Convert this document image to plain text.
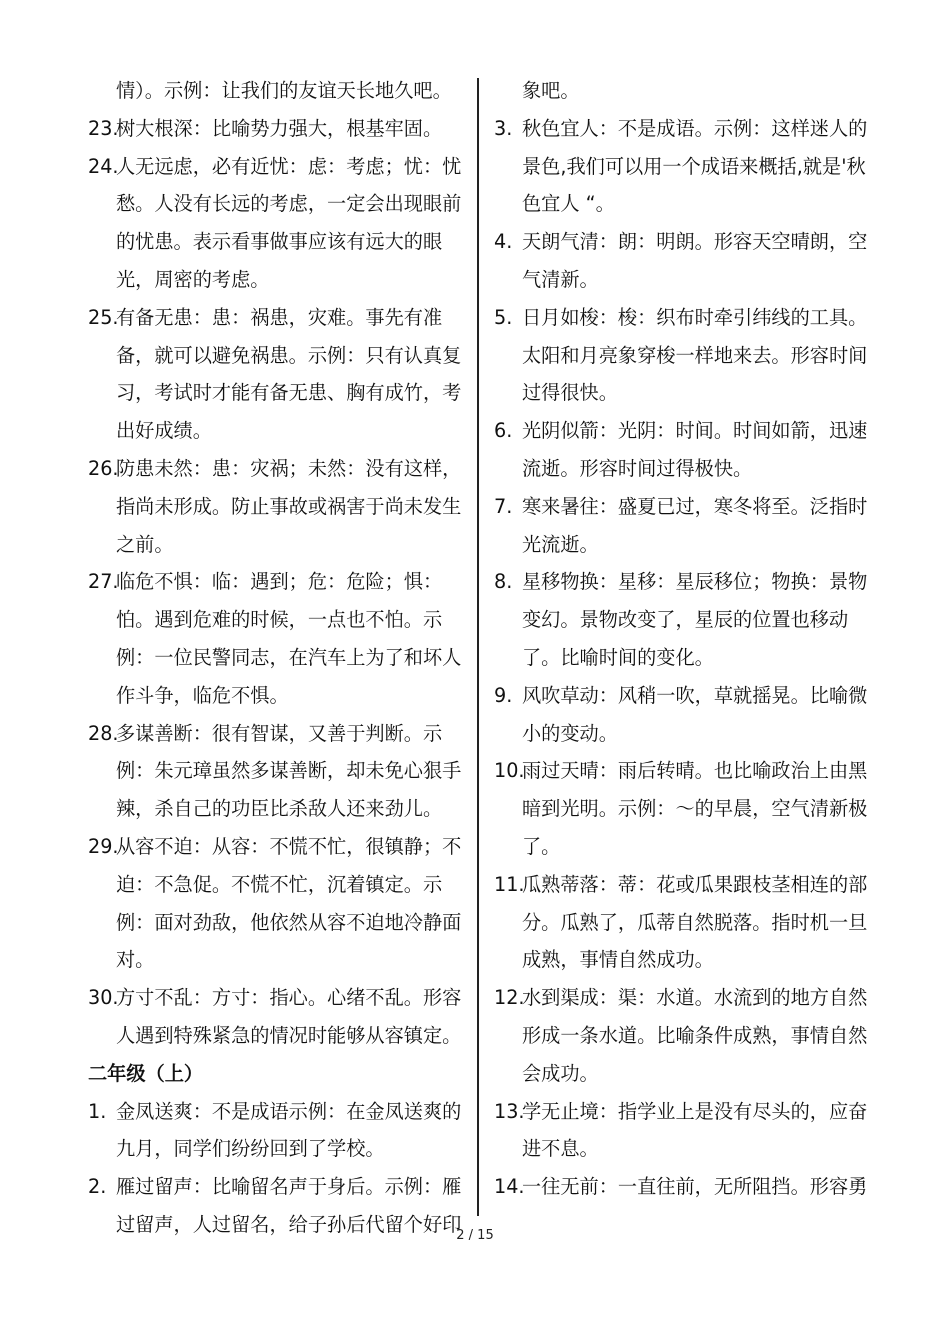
情）。示例：让我们的友谊天长地久吧。
23.
树大根深：比喻势力强大，根基牢固。
24.
人无远虑，必有近忧：虑：考虑；忧：忧愁。人没有长远的考虑，一定会出现眼前的忧患。表示看事做事应该有远大的眼光，周密的考虑。
25.
有备无患：患：祸患，灾难。事先有准备，就可以避免祸患。示例：只有认真复习，考试时才能有备无患、胸有成竹，考出好成绩。
26.
防患未然：患：灾祸；未然：没有这样，指尚未形成。防止事故或祸害于尚未发生之前。
27.
临危不惧：临：遇到；危：危险；惧：怕。遇到危难的时候，一点也不怕。示例：一位民警同志，在汽车上为了和坏人作斗争，临危不惧。
28.
多谋善断：很有智谋，又善于判断。示例：朱元璋虽然多谋善断，却未免心狠手辣，杀自己的功臣比杀敌人还来劲儿。
29.
从容不迫：从容：不慌不忙，很镇静；不迫：不急促。不慌不忙，沉着镇定。示例：面对劲敌，他依然从容不迫地冷静面对。
30.
方寸不乱：方寸：指心。心绪不乱。形容人遇到特殊紧急的情况时能够从容镇定。
二年级（上）
1. 金凤送爽：不是成语示例：在金凤送爽的九月，同学们纷纷回到了学校。
2. 雁过留声：比喻留名声于身后。示例：雁过留声，人过留名，给子孙后代留个好印
象吧。
3. 秋色宜人：不是成语。示例：这样迷人的景色,我们可以用一个成语来概括,就是'秋色宜人 “。
4. 天朗气清：朗：明朗。形容天空晴朗，空气清新。
5. 日月如梭：梭：织布时牵引纬线的工具。太阳和月亮象穿梭一样地来去。形容时间过得很快。
6. 光阴似箭：光阴：时间。时间如箭，迅速流逝。形容时间过得极快。
7. 寒来暑往：盛夏已过，寒冬将至。泛指时光流逝。
8. 星移物换：星移：星辰移位；物换：景物变幻。景物改变了，星辰的位置也移动了。比喻时间的变化。
9. 风吹草动：风稍一吹，草就摇晃。比喻微小的变动。
10.
雨过天晴：雨后转晴。也比喻政治上由黑暗到光明。示例：～的早晨，空气清新极了。
11.
瓜熟蒂落：蒂：花或瓜果跟枝茎相连的部分。瓜熟了，瓜蒂自然脱落。指时机一旦成熟，事情自然成功。
12.
水到渠成：渠：水道。水流到的地方自然形成一条水道。比喻条件成熟，事情自然会成功。
13.
学无止境：指学业上是没有尽头的，应奋进不息。
14.
一往无前：一直往前，无所阻挡。形容勇
2 / 15
